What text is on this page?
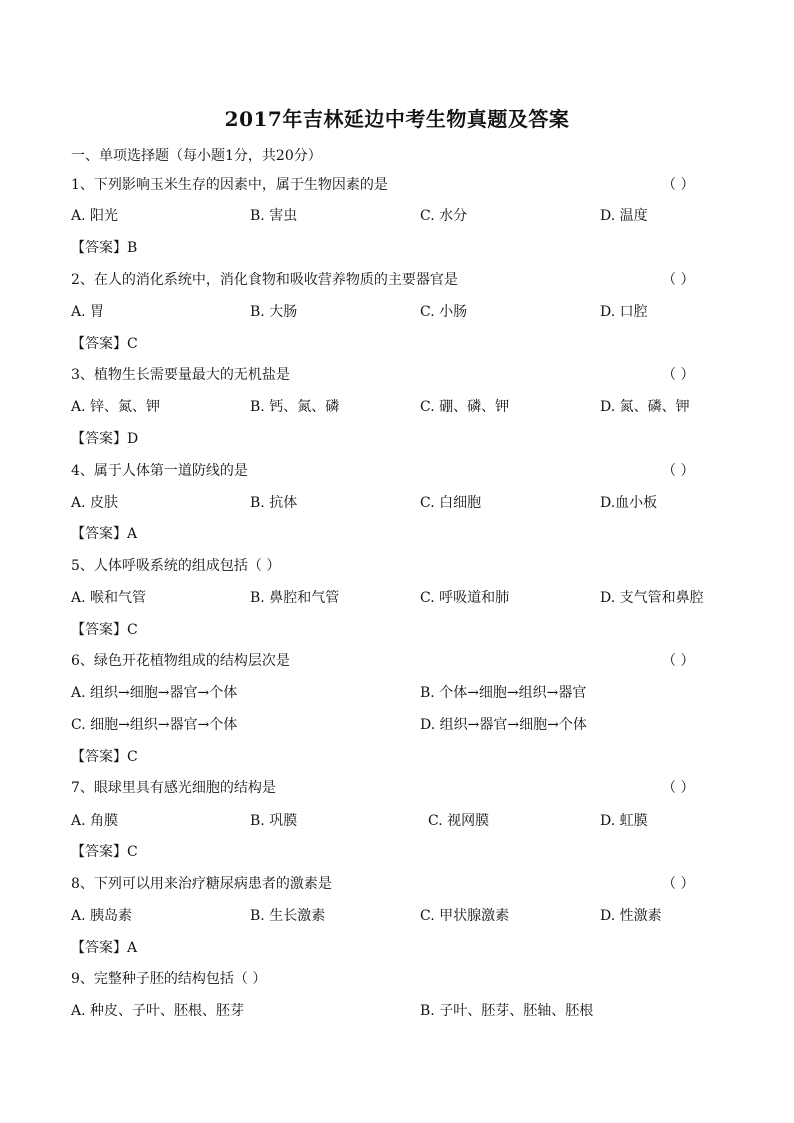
2017年吉林延边中考生物真题及答案
一、单项选择题（每小题1分，共20分）
1、下列影响玉米生存的因素中，属于生物因素的是	（ ）
A. 阳光	B. 害虫	C. 水分	D. 温度
【答案】B
2、在人的消化系统中，消化食物和吸收营养物质的主要器官是	（ ）
A. 胃	B. 大肠	C. 小肠	D. 口腔
【答案】C
3、植物生长需要量最大的无机盐是	（ ）
A. 锌、氮、钾	B. 钙、氮、磷	C. 硼、磷、钾	D. 氮、磷、钾
【答案】D
4、属于人体第一道防线的是	（ ）
A. 皮肤	B. 抗体	C. 白细胞	D.血小板
【答案】A
5、人体呼吸系统的组成包括（ ）
A. 喉和气管	B. 鼻腔和气管	C. 呼吸道和肺	D. 支气管和鼻腔
【答案】C
6、绿色开花植物组成的结构层次是	（ ）
A. 组织→细胞→器官→个体	B. 个体→细胞→组织→器官
C. 细胞→组织→器官→个体	D. 组织→器官→细胞→个体
【答案】C
7、眼球里具有感光细胞的结构是	（ ）
A. 角膜	B. 巩膜	C. 视网膜	D. 虹膜
【答案】C
8、下列可以用来治疗糖尿病患者的激素是	（ ）
A. 胰岛素	B. 生长激素	C. 甲状腺激素	D. 性激素
【答案】A
9、完整种子胚的结构包括（ ）
A. 种皮、子叶、胚根、胚芽	B. 子叶、胚芽、胚轴、胚根
